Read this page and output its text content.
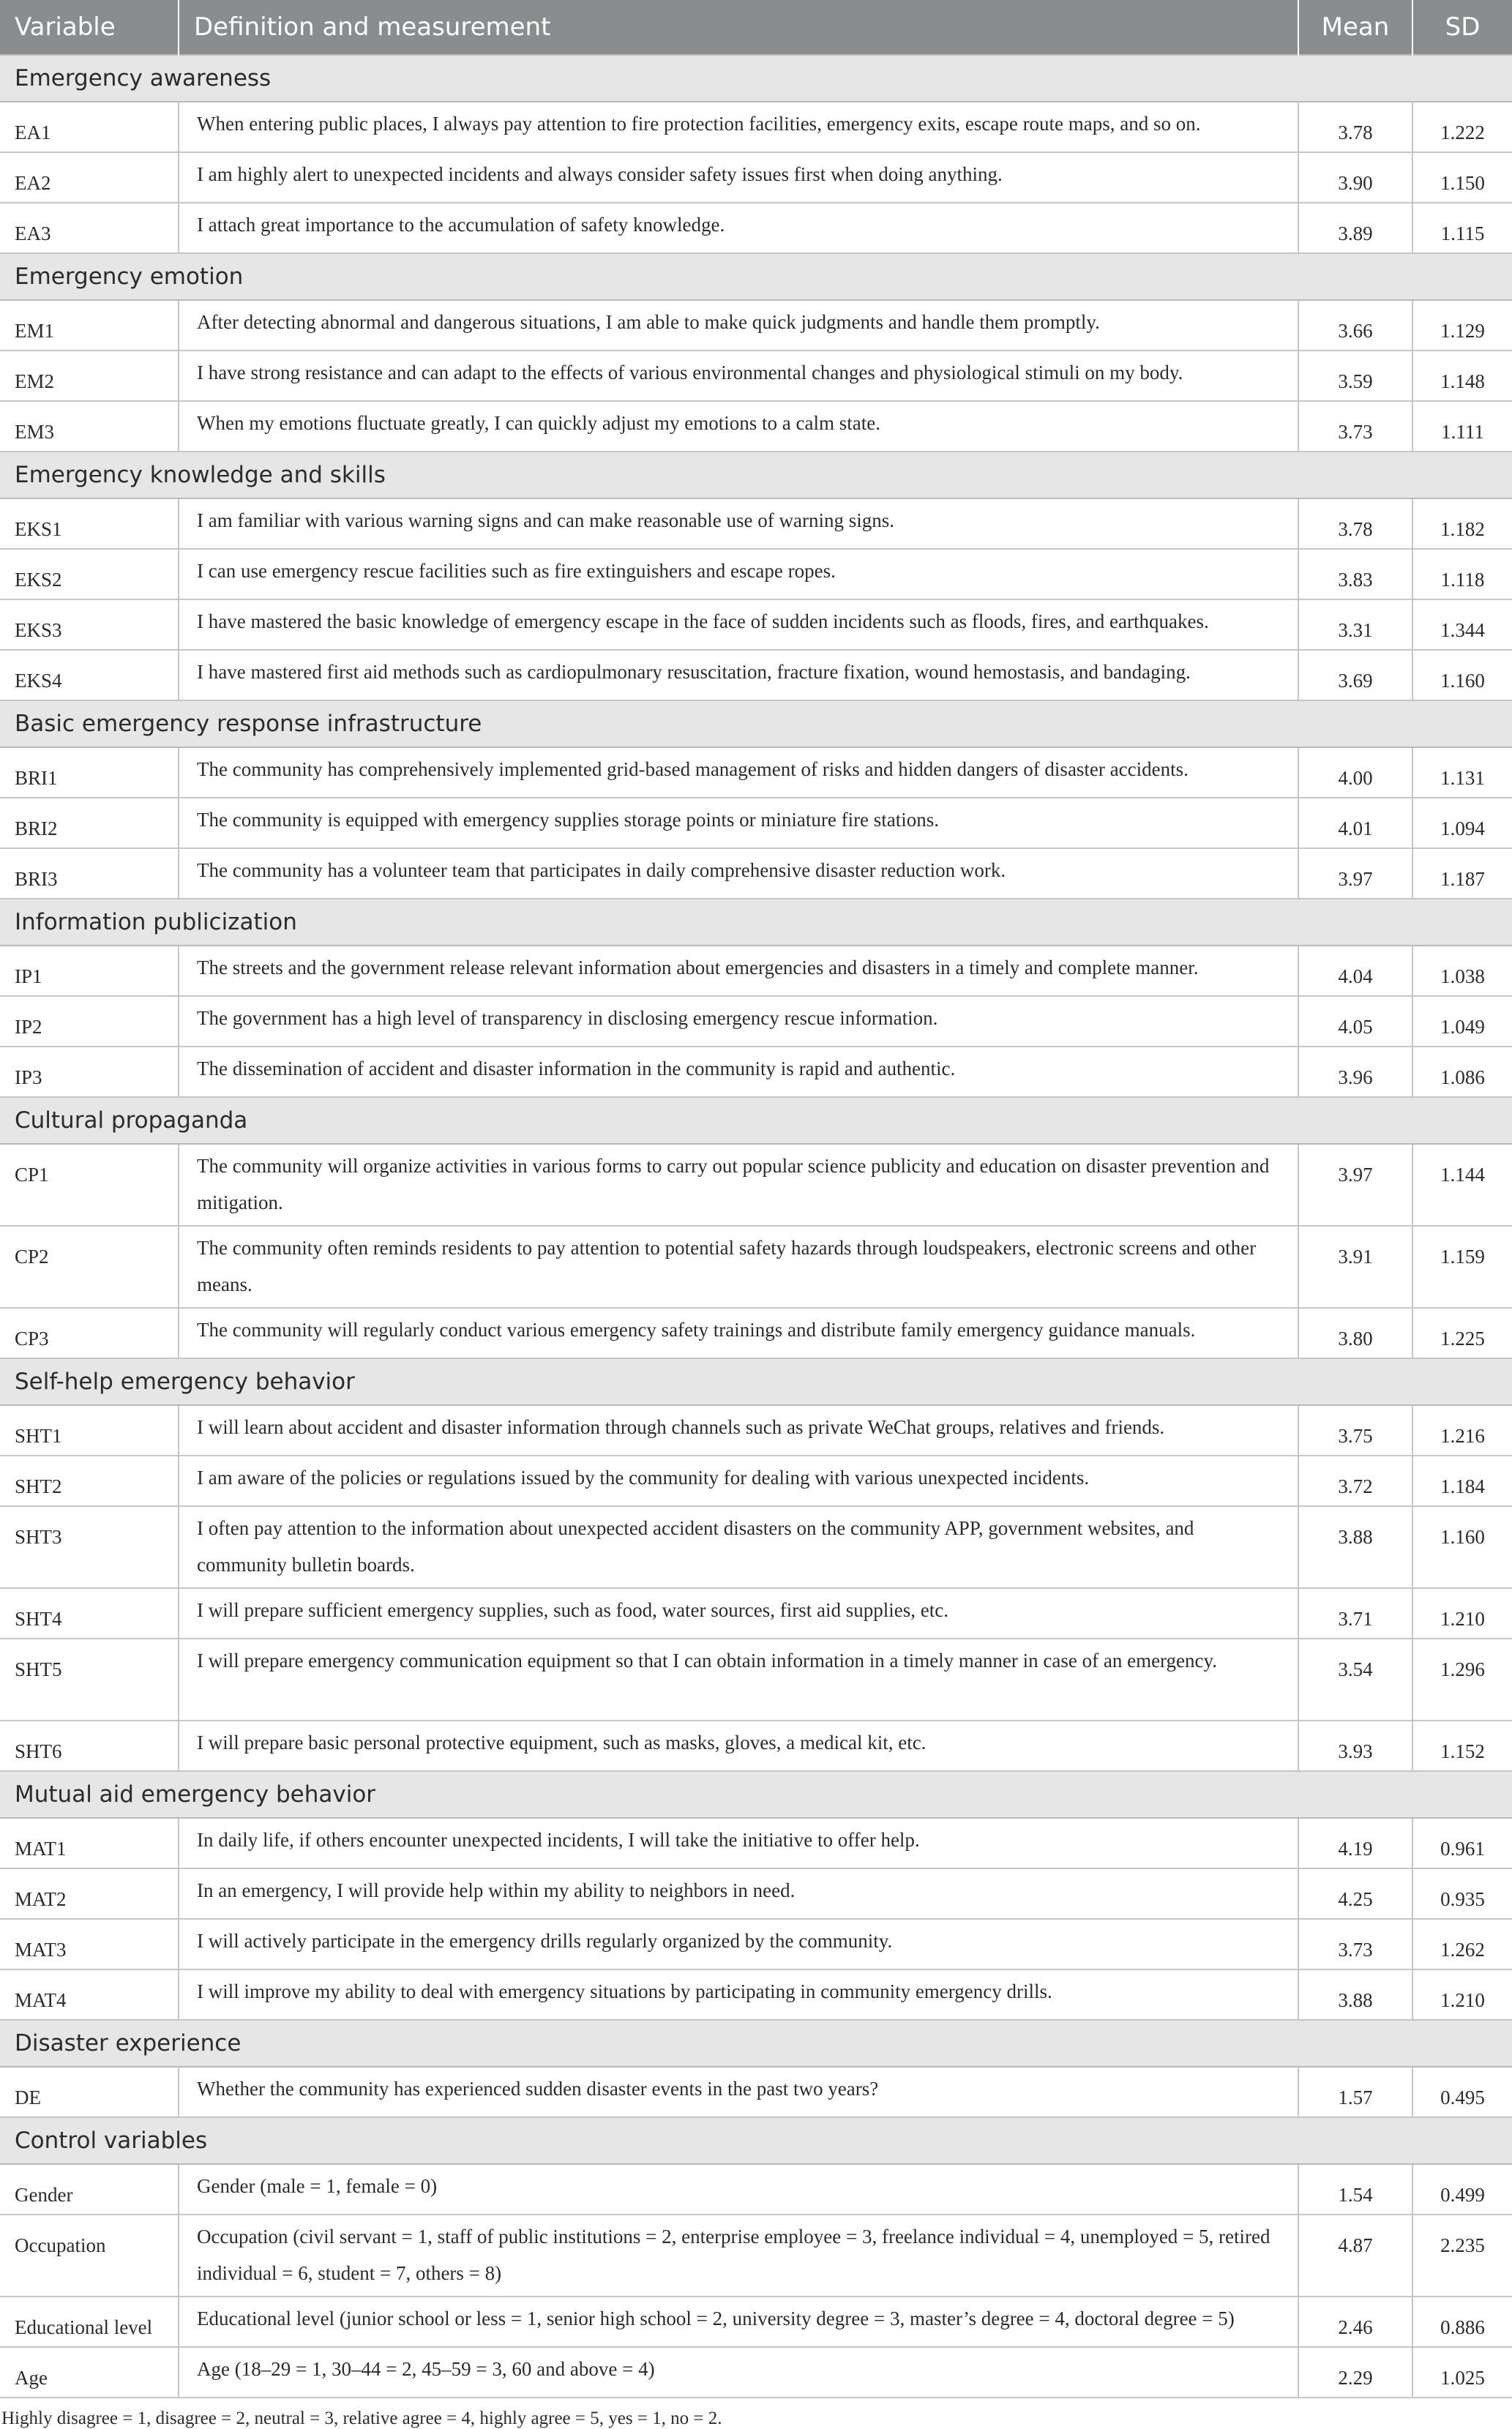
Variable	Definition and measurement	Mean	SD
Emergency awareness			
EA1	When entering public places, I always pay attention to fire protection facilities, emergency exits, escape route maps, and so on.	3.78	1.222
EA2	I am highly alert to unexpected incidents and always consider safety issues first when doing anything.	3.90	1.150
EA3	I attach great importance to the accumulation of safety knowledge.	3.89	1.115
Emergency emotion			
EM1	After detecting abnormal and dangerous situations, I am able to make quick judgments and handle them promptly.	3.66	1.129
EM2	I have strong resistance and can adapt to the effects of various environmental changes and physiological stimuli on my body.	3.59	1.148
EM3	When my emotions fluctuate greatly, I can quickly adjust my emotions to a calm state.	3.73	1.111
Emergency knowledge and skills			
EKS1	I am familiar with various warning signs and can make reasonable use of warning signs.	3.78	1.182
EKS2	I can use emergency rescue facilities such as fire extinguishers and escape ropes.	3.83	1.118
EKS3	I have mastered the basic knowledge of emergency escape in the face of sudden incidents such as floods, fires, and earthquakes.	3.31	1.344
EKS4	I have mastered first aid methods such as cardiopulmonary resuscitation, fracture fixation, wound hemostasis, and bandaging.	3.69	1.160
Basic emergency response infrastructure			
BRI1	The community has comprehensively implemented grid-based management of risks and hidden dangers of disaster accidents.	4.00	1.131
BRI2	The community is equipped with emergency supplies storage points or miniature fire stations.	4.01	1.094
BRI3	The community has a volunteer team that participates in daily comprehensive disaster reduction work.	3.97	1.187
Information publicization			
IP1	The streets and the government release relevant information about emergencies and disasters in a timely and complete manner.	4.04	1.038
IP2	The government has a high level of transparency in disclosing emergency rescue information.	4.05	1.049
IP3	The dissemination of accident and disaster information in the community is rapid and authentic.	3.96	1.086
Cultural propaganda			
CP1	The community will organize activities in various forms to carry out popular science publicity and education on disaster prevention and mitigation.	3.97	1.144
CP2	The community often reminds residents to pay attention to potential safety hazards through loudspeakers, electronic screens and other means.	3.91	1.159
CP3	The community will regularly conduct various emergency safety trainings and distribute family emergency guidance manuals.	3.80	1.225
Self-help emergency behavior			
SHT1	I will learn about accident and disaster information through channels such as private WeChat groups, relatives and friends.	3.75	1.216
SHT2	I am aware of the policies or regulations issued by the community for dealing with various unexpected incidents.	3.72	1.184
SHT3	I often pay attention to the information about unexpected accident disasters on the community APP, government websites, and community bulletin boards.	3.88	1.160
SHT4	I will prepare sufficient emergency supplies, such as food, water sources, first aid supplies, etc.	3.71	1.210
SHT5	I will prepare emergency communication equipment so that I can obtain information in a timely manner in case of an emergency.	3.54	1.296
SHT6	I will prepare basic personal protective equipment, such as masks, gloves, a medical kit, etc.	3.93	1.152
Mutual aid emergency behavior			
MAT1	In daily life, if others encounter unexpected incidents, I will take the initiative to offer help.	4.19	0.961
MAT2	In an emergency, I will provide help within my ability to neighbors in need.	4.25	0.935
MAT3	I will actively participate in the emergency drills regularly organized by the community.	3.73	1.262
MAT4	I will improve my ability to deal with emergency situations by participating in community emergency drills.	3.88	1.210
Disaster experience			
DE	Whether the community has experienced sudden disaster events in the past two years?	1.57	0.495
Control variables			
Gender	Gender (male = 1, female = 0)	1.54	0.499
Occupation	Occupation (civil servant = 1, staff of public institutions = 2, enterprise employee = 3, freelance individual = 4, unemployed = 5, retired individual = 6, student = 7, others = 8)	4.87	2.235
Educational level	Educational level (junior school or less = 1, senior high school = 2, university degree = 3, master’s degree = 4, doctoral degree = 5)	2.46	0.886
Age	Age (18–29 = 1, 30–44 = 2, 45–59 = 3, 60 and above = 4)	2.29	1.025

Highly disagree = 1, disagree = 2, neutral = 3, relative agree = 4, highly agree = 5, yes = 1, no = 2.
